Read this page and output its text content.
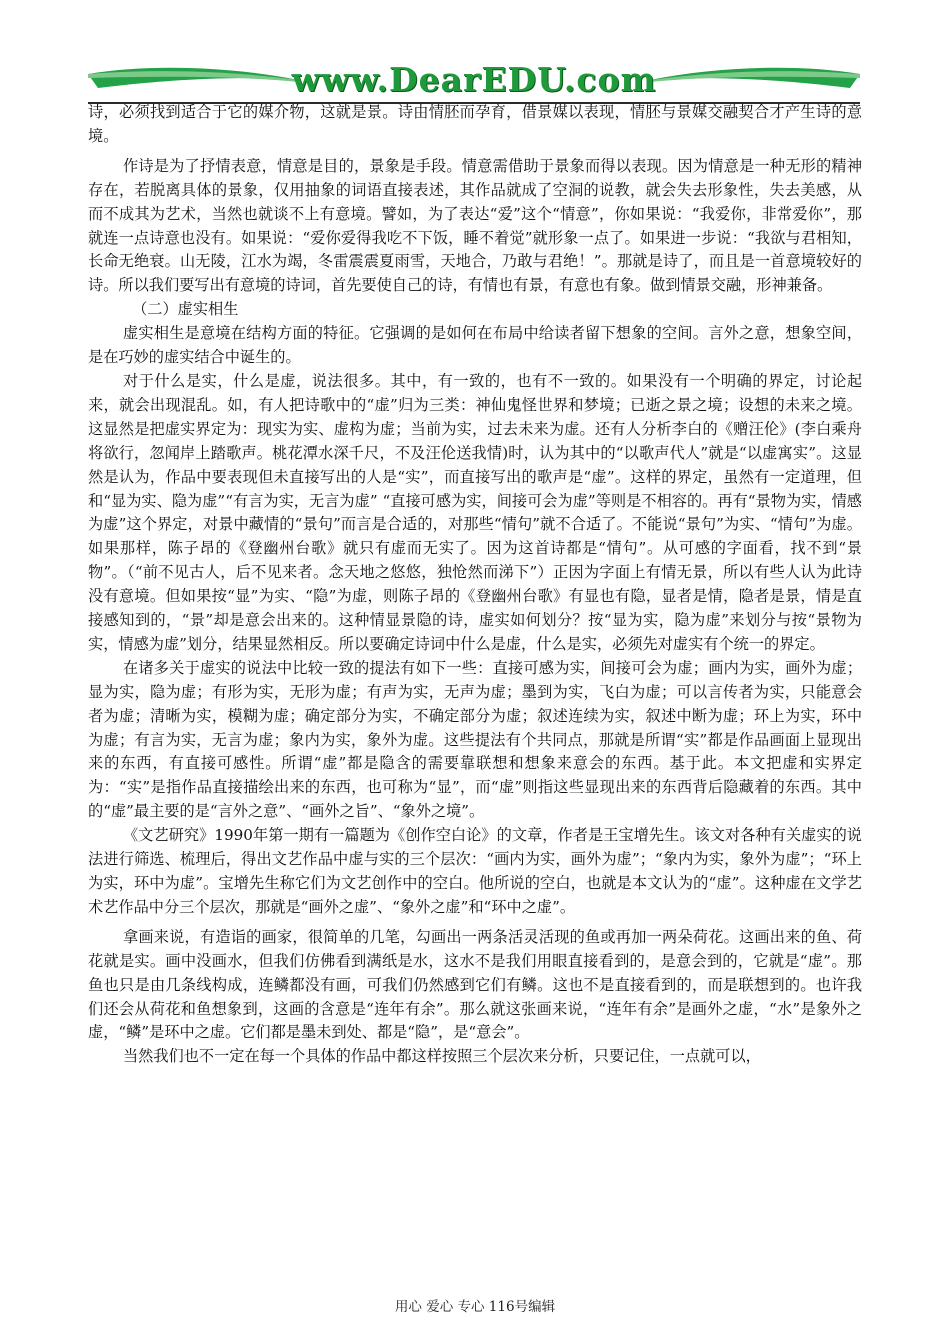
www.DearEDU.com

诗，必须找到适合于它的媒介物，这就是景。诗由情胚而孕育，借景媒以表现，情胚与景媒交融契合才产生诗的意境。

作诗是为了抒情表意，情意是目的，景象是手段。情意需借助于景象而得以表现。因为情意是一种无形的精神存在，若脱离具体的景象，仅用抽象的词语直接表述，其作品就成了空洞的说教，就会失去形象性，失去美感，从而不成其为艺术，当然也就谈不上有意境。譬如，为了表达“爱”这个“情意”，你如果说：“我爱你，非常爱你”，那就连一点诗意也没有。如果说：“爱你爱得我吃不下饭，睡不着觉”就形象一点了。如果进一步说：“我欲与君相知，长命无绝衰。山无陵，江水为竭，冬雷震震夏雨雪，天地合，乃敢与君绝！”。那就是诗了，而且是一首意境较好的诗。所以我们要写出有意境的诗词，首先要使自己的诗，有情也有景，有意也有象。做到情景交融，形神兼备。

（二）虚实相生

虚实相生是意境在结构方面的特征。它强调的是如何在布局中给读者留下想象的空间。言外之意，想象空间，是在巧妙的虚实结合中诞生的。

对于什么是实，什么是虚，说法很多。其中，有一致的，也有不一致的。如果没有一个明确的界定，讨论起来，就会出现混乱。如，有人把诗歌中的“虚”归为三类：神仙鬼怪世界和梦境；已逝之景之境；设想的未来之境。这显然是把虚实界定为：现实为实、虚构为虚；当前为实，过去未来为虚。还有人分析李白的《赠汪伦》(李白乘舟将欲行，忽闻岸上踏歌声。桃花潭水深千尺，不及汪伦送我情)时，认为其中的“以歌声代人”就是“以虚寓实”。这显然是认为，作品中要表现但未直接写出的人是“实”，而直接写出的歌声是“虚”。这样的界定，虽然有一定道理，但和“显为实、隐为虚”“有言为实，无言为虚” “直接可感为实，间接可会为虚”等则是不相容的。再有“景物为实，情感为虚”这个界定，对景中藏情的“景句”而言是合适的，对那些“情句”就不合适了。不能说“景句”为实、“情句”为虚。如果那样，陈子昂的《登幽州台歌》就只有虚而无实了。因为这首诗都是“情句”。从可感的字面看，找不到“景物”。（“前不见古人，后不见来者。念天地之悠悠，独怆然而涕下”）正因为字面上有情无景，所以有些人认为此诗没有意境。但如果按“显”为实、“隐”为虚，则陈子昂的《登幽州台歌》有显也有隐，显者是情，隐者是景，情是直接感知到的，“景”却是意会出来的。这种情显景隐的诗，虚实如何划分？按“显为实，隐为虚”来划分与按“景物为实，情感为虚”划分，结果显然相反。所以要确定诗词中什么是虚，什么是实，必须先对虚实有个统一的界定。

在诸多关于虚实的说法中比较一致的提法有如下一些：直接可感为实，间接可会为虚；画内为实，画外为虚；显为实，隐为虚；有形为实，无形为虚；有声为实，无声为虚；墨到为实，飞白为虚；可以言传者为实，只能意会者为虚；清晰为实，模糊为虚；确定部分为实，不确定部分为虚；叙述连续为实，叙述中断为虚；环上为实，环中为虚；有言为实，无言为虚；象内为实，象外为虚。这些提法有个共同点，那就是所谓“实”都是作品画面上显现出来的东西，有直接可感性。所谓“虚”都是隐含的需要靠联想和想象来意会的东西。基于此。本文把虚和实界定为：“实”是指作品直接描绘出来的东西，也可称为“显”，而“虚”则指这些显现出来的东西背后隐藏着的东西。其中的“虚”最主要的是“言外之意”、“画外之旨”、“象外之境”。

《文艺研究》1990年第一期有一篇题为《创作空白论》的文章，作者是王宝增先生。该文对各种有关虚实的说法进行筛选、梳理后，得出文艺作品中虚与实的三个层次：“画内为实，画外为虚”；“象内为实，象外为虚”；“环上为实，环中为虚”。宝增先生称它们为文艺创作中的空白。他所说的空白，也就是本文认为的“虚”。这种虚在文学艺术艺作品中分三个层次，那就是“画外之虚”、“象外之虚”和“环中之虚”。

拿画来说，有造诣的画家，很简单的几笔，勾画出一两条活灵活现的鱼或再加一两朵荷花。这画出来的鱼、荷花就是实。画中没画水，但我们仿佛看到满纸是水，这水不是我们用眼直接看到的，是意会到的，它就是“虚”。那鱼也只是由几条线构成，连鳞都没有画，可我们仍然感到它们有鳞。这也不是直接看到的，而是联想到的。也许我们还会从荷花和鱼想象到，这画的含意是“连年有余”。那么就这张画来说，“连年有余”是画外之虚，“水”是象外之虚，“鳞”是环中之虚。它们都是墨未到处、都是“隐”，是“意会”。

当然我们也不一定在每一个具体的作品中都这样按照三个层次来分析，只要记住，一点就可以，

用心 爱心 专心 116号编辑
